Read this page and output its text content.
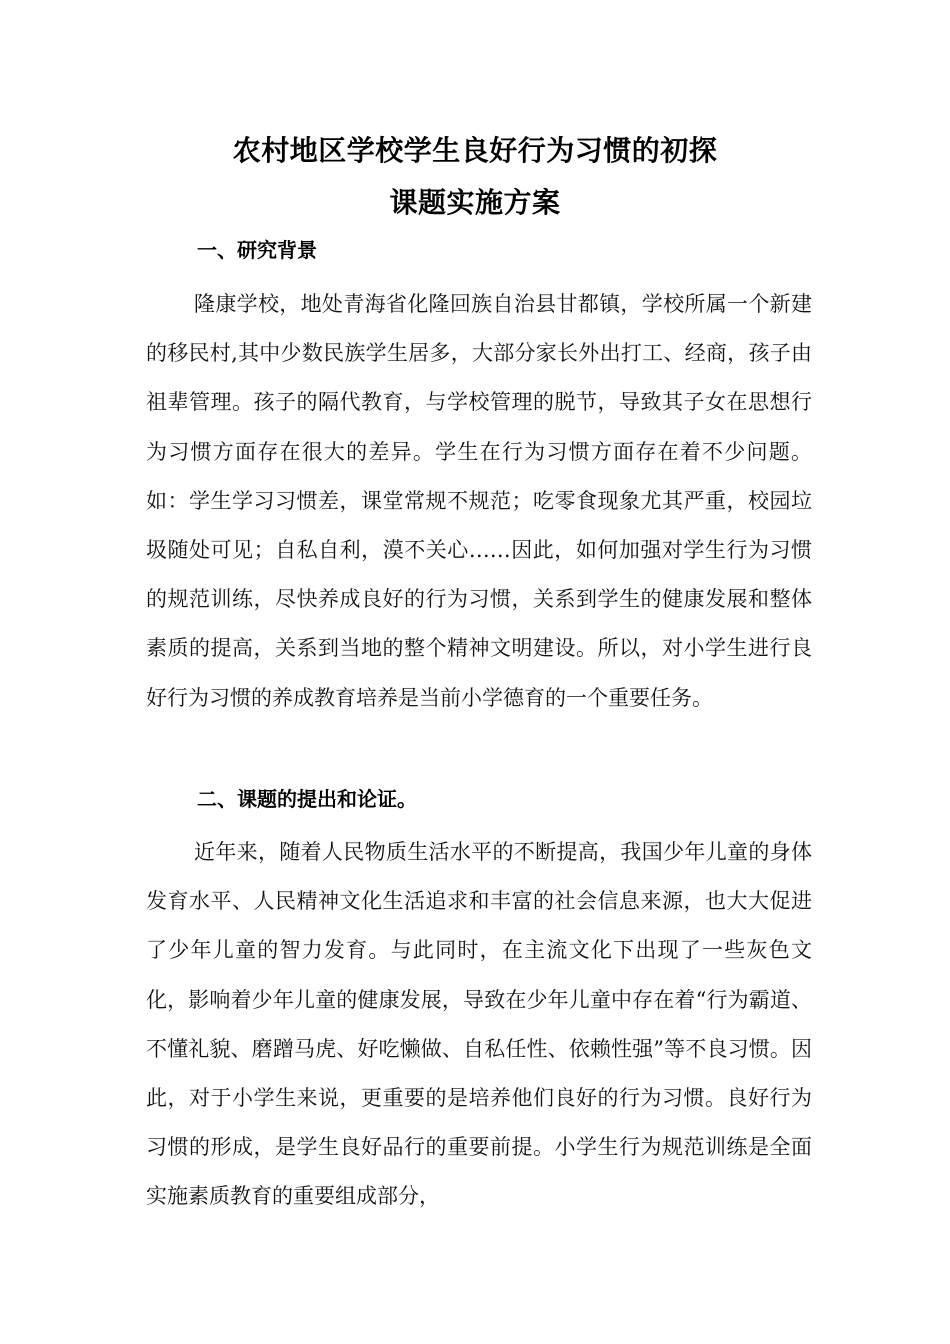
农村地区学校学生良好行为习惯的初探
课题实施方案
一、研究背景

隆康学校，地处青海省化隆回族自治县甘都镇，学校所属一个新建的移民村,其中少数民族学生居多，大部分家长外出打工、经商，孩子由祖辈管理。孩子的隔代教育，与学校管理的脱节，导致其子女在思想行为习惯方面存在很大的差异。学生在行为习惯方面存在着不少问题。如：学生学习习惯差，课堂常规不规范；吃零食现象尤其严重，校园垃圾随处可见；自私自利，漠不关心……因此，如何加强对学生行为习惯的规范训练，尽快养成良好的行为习惯，关系到学生的健康发展和整体素质的提高，关系到当地的整个精神文明建设。所以，对小学生进行良好行为习惯的养成教育培养是当前小学德育的一个重要任务。

二、课题的提出和论证。

近年来，随着人民物质生活水平的不断提高，我国少年儿童的身体发育水平、人民精神文化生活追求和丰富的社会信息来源，也大大促进了少年儿童的智力发育。与此同时，在主流文化下出现了一些灰色文化，影响着少年儿童的健康发展，导致在少年儿童中存在着“行为霸道、不懂礼貌、磨蹭马虎、好吃懒做、自私任性、依赖性强”等不良习惯。因此，对于小学生来说，更重要的是培养他们良好的行为习惯。良好行为习惯的形成，是学生良好品行的重要前提。小学生行为规范训练是全面实施素质教育的重要组成部分，
